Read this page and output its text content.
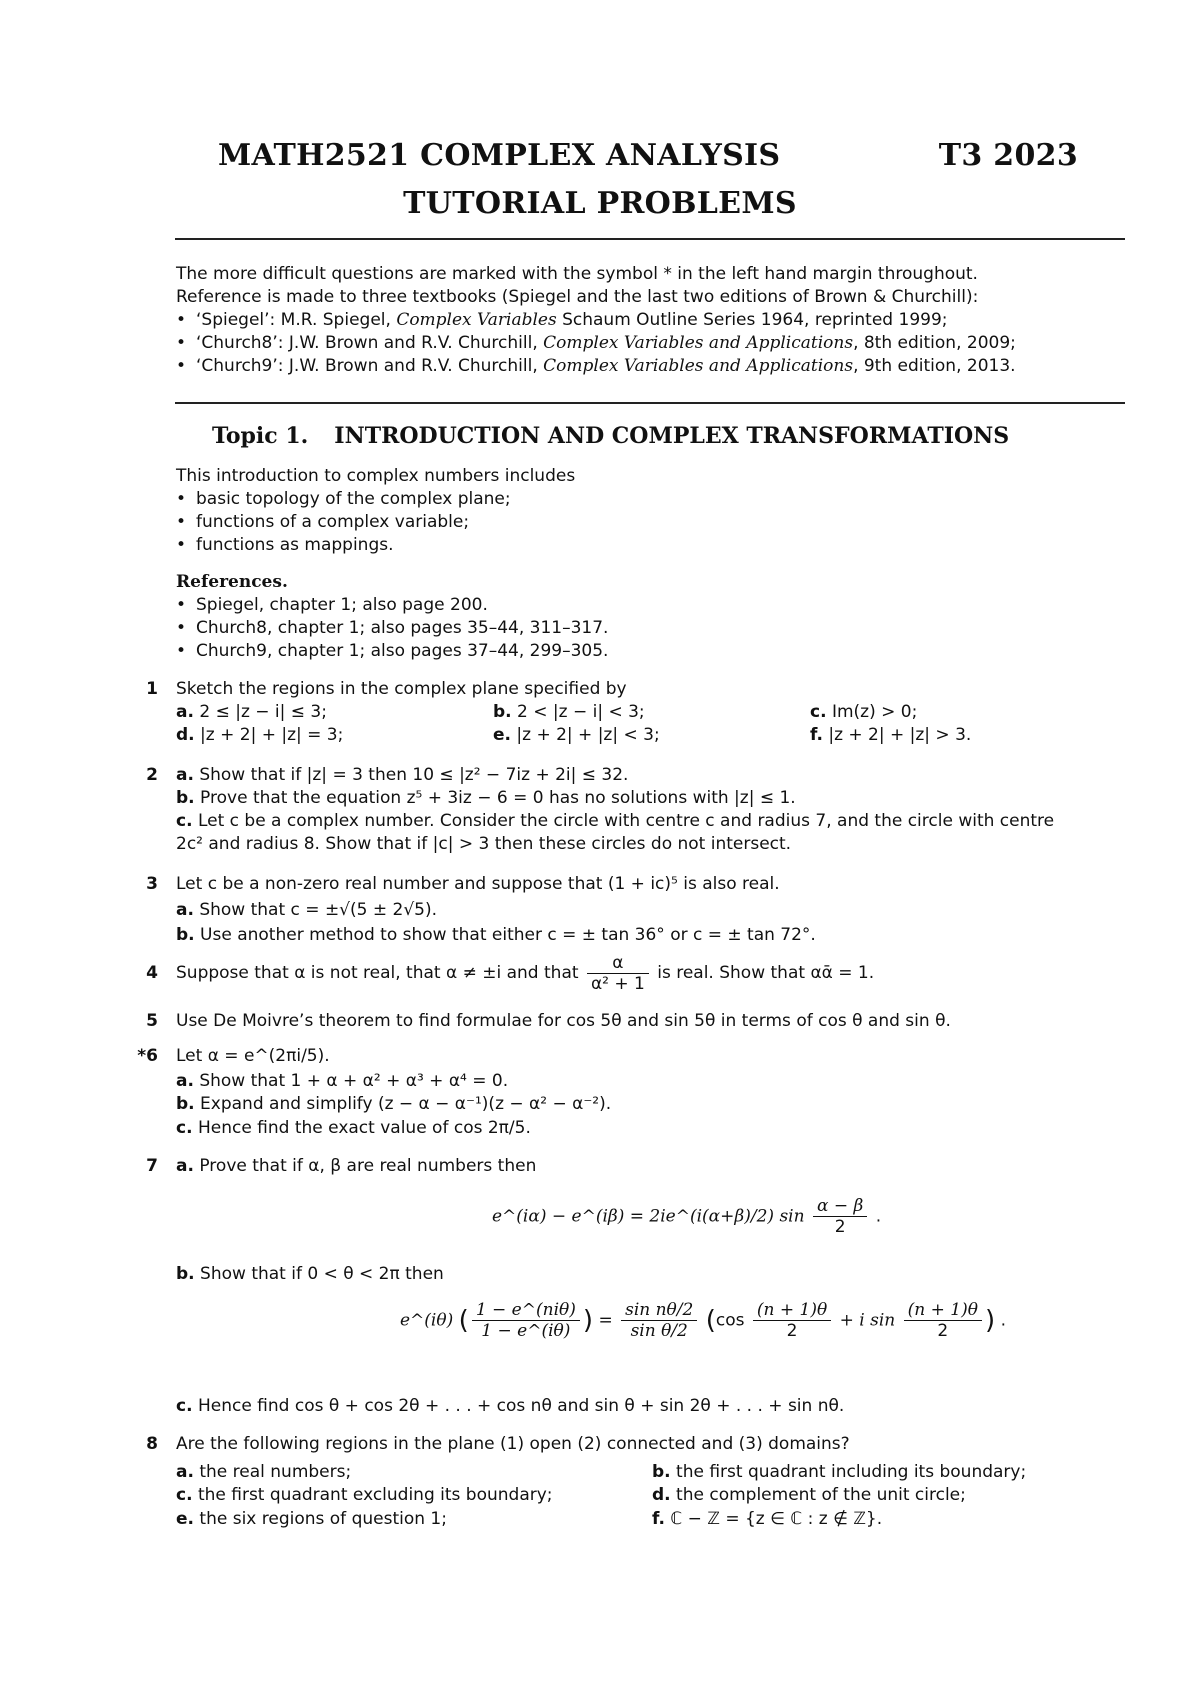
MATH2521 COMPLEX ANALYSIS	T3 2023
TUTORIAL PROBLEMS
The more difficult questions are marked with the symbol * in the left hand margin throughout.
Reference is made to three textbooks (Spiegel and the last two editions of Brown & Churchill):
• ‘Spiegel’: M.R. Spiegel, Complex Variables Schaum Outline Series 1964, reprinted 1999;
• ‘Church8’: J.W. Brown and R.V. Churchill, Complex Variables and Applications, 8th edition, 2009;
• ‘Church9’: J.W. Brown and R.V. Churchill, Complex Variables and Applications, 9th edition, 2013.
Topic 1. INTRODUCTION AND COMPLEX TRANSFORMATIONS
This introduction to complex numbers includes
• basic topology of the complex plane;
• functions of a complex variable;
• functions as mappings.
References.
• Spiegel, chapter 1; also page 200.
• Church8, chapter 1; also pages 35–44, 311–317.
• Church9, chapter 1; also pages 37–44, 299–305.
1 Sketch the regions in the complex plane specified by
a. 2 ≤ |z − i| ≤ 3;	b. 2 < |z − i| < 3;	c. Im(z) > 0;
d. |z + 2| + |z| = 3;	e. |z + 2| + |z| < 3;	f. |z + 2| + |z| > 3.
2 a. Show that if |z| = 3 then 10 ≤ |z² − 7iz + 2i| ≤ 32.
b. Prove that the equation z⁵ + 3iz − 6 = 0 has no solutions with |z| ≤ 1.
c. Let c be a complex number. Consider the circle with centre c and radius 7, and the circle with centre
2c² and radius 8. Show that if |c| > 3 then these circles do not intersect.
3 Let c be a non-zero real number and suppose that (1 + ic)⁵ is also real.
a. Show that c = ±√(5 ± 2√5).
b. Use another method to show that either c = ± tan 36° or c = ± tan 72°.
4 Suppose that α is not real, that α ≠ ±i and that $\frac{\alpha}{\text{α² + 1}}$ is real. Show that αᾱ = 1.
5 Use De Moivre’s theorem to find formulae for cos 5θ and sin 5θ in terms of cos θ and sin θ.
*6 Let α = e^(2πi/5).
a. Show that 1 + α + α² + α³ + α⁴ = 0.
b. Expand and simplify (z − α − α⁻¹)(z − α² − α⁻²).
c. Hence find the exact value of cos 2π/5.
7 a. Prove that if α, β are real numbers then
e^(iα) − e^(iβ) = 2ie^(i(α+β)/2) $\sin \frac{\alpha - \beta}{2}$ .
b. Show that if 0 < θ < 2π then
e^(iθ) ( $\frac{\text{1 − e\textasciicircum{}(niθ)}}{1 - e\^{}(i\theta)}$ ) = $\frac{\text{sin nθ/2}}{\text{sin θ/2}} (\cos \frac{(n + 1)\theta}{2} + i$ $\sin \frac{(n + 1)\theta}{2}$ ) .
c. Hence find cos θ + cos 2θ + . . . + cos nθ and sin θ + sin 2θ + . . . + sin nθ.
8 Are the following regions in the plane (1) open (2) connected and (3) domains?
a. the real numbers;	b. the first quadrant including its boundary;
c. the first quadrant excluding its boundary;	d. the complement of the unit circle;
e. the six regions of question 1;	f. ℂ − ℤ = {z ∈ ℂ : z ∉ ℤ}.
